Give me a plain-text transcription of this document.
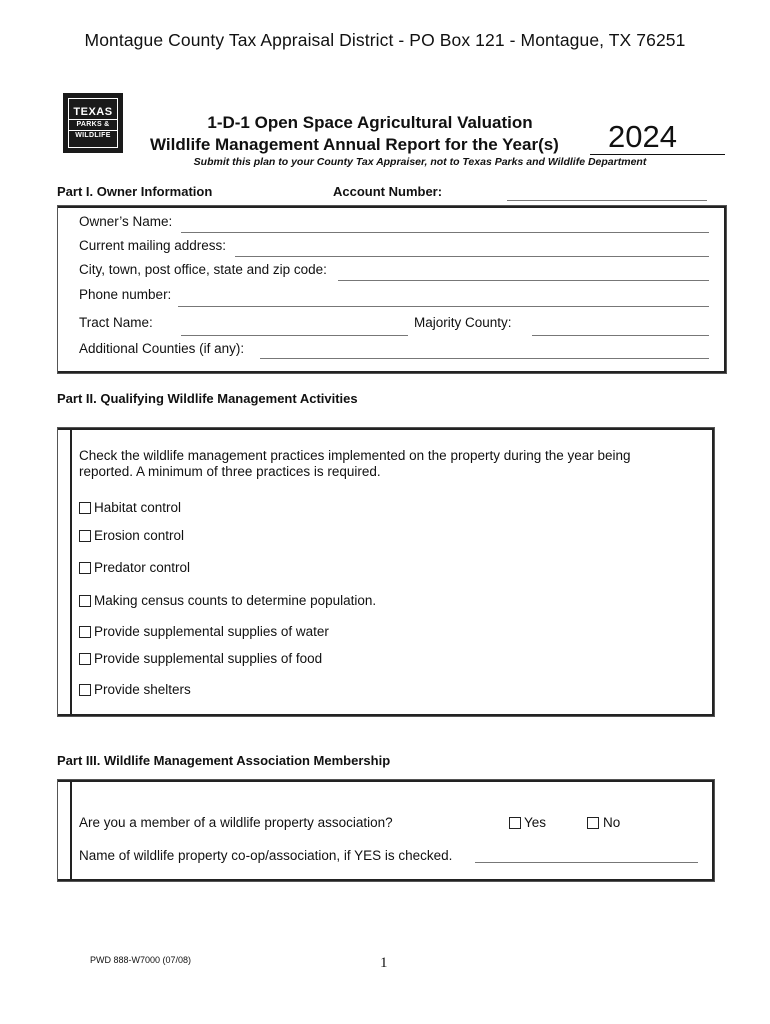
Montague County Tax Appraisal District - PO Box 121 - Montague, TX 76251
TEXAS
PARKS &
WILDLIFE
1-D-1 Open Space Agricultural Valuation
Wildlife Management Annual Report for the Year(s)	2024
Submit this plan to your County Tax Appraiser, not to Texas Parks and Wildlife Department
Part I. Owner Information	Account Number:
Owner’s Name:
Current mailing address:
City, town, post office, state and zip code:
Phone number:
Tract Name:	Majority County:
Additional Counties (if any):
Part II. Qualifying Wildlife Management Activities
Check the wildlife management practices implemented on the property during the year being
reported. A minimum of three practices is required.
Habitat control
Erosion control
Predator control
Making census counts to determine population.
Provide supplemental supplies of water
Provide supplemental supplies of food
Provide shelters
Part III. Wildlife Management Association Membership
Are you a member of a wildlife property association?	Yes	No
Name of wildlife property co-op/association, if YES is checked.
PWD 888-W7000 (07/08)	1
